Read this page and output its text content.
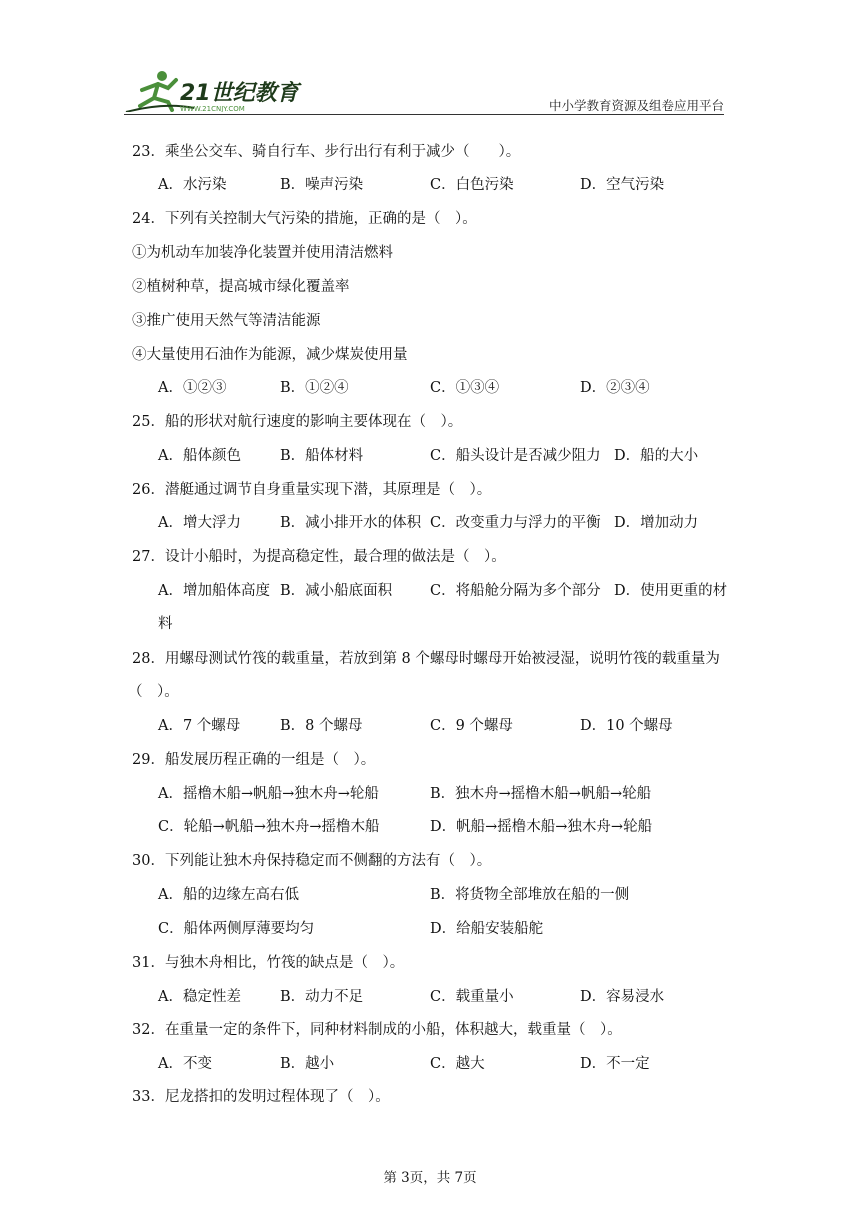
21世纪教育
WWW.21CNJY.COM	中小学教育资源及组卷应用平台
23．乘坐公交车、骑自行车、步行出行有利于减少（　　）。
A．水污染	B．噪声污染	C．白色污染	D．空气污染
24．下列有关控制大气污染的措施，正确的是（　）。
①为机动车加装净化装置并使用清洁燃料
②植树种草，提高城市绿化覆盖率
③推广使用天然气等清洁能源
④大量使用石油作为能源，减少煤炭使用量
A．①②③	B．①②④	C．①③④	D．②③④
25．船的形状对航行速度的影响主要体现在（　）。
A．船体颜色	B．船体材料	C．船头设计是否减少阻力 D．船的大小
26．潜艇通过调节自身重量实现下潜，其原理是（　）。
A．增大浮力	B．减小排开水的体积 C．改变重力与浮力的平衡 D．增加动力
27．设计小船时，为提高稳定性，最合理的做法是（　）。
A．增加船体高度 B．减小船底面积	C．将船舱分隔为多个部分 D．使用更重的材
料
28．用螺母测试竹筏的载重量，若放到第 8 个螺母时螺母开始被浸湿，说明竹筏的载重量为
（　）。
A．7 个螺母	B．8 个螺母	C．9 个螺母	D．10 个螺母
29．船发展历程正确的一组是（　）。
A．摇橹木船→帆船→独木舟→轮船	B．独木舟→摇橹木船→帆船→轮船
C．轮船→帆船→独木舟→摇橹木船	D．帆船→摇橹木船→独木舟→轮船
30．下列能让独木舟保持稳定而不侧翻的方法有（　）。
A．船的边缘左高右低	B．将货物全部堆放在船的一侧
C．船体两侧厚薄要均匀	D．给船安装船舵
31．与独木舟相比，竹筏的缺点是（　）。
A．稳定性差	B．动力不足	C．载重量小	D．容易浸水
32．在重量一定的条件下，同种材料制成的小船，体积越大，载重量（　）。
A．不变	B．越小	C．越大	D．不一定
33．尼龙搭扣的发明过程体现了（　）。
第 3页，共 7页
